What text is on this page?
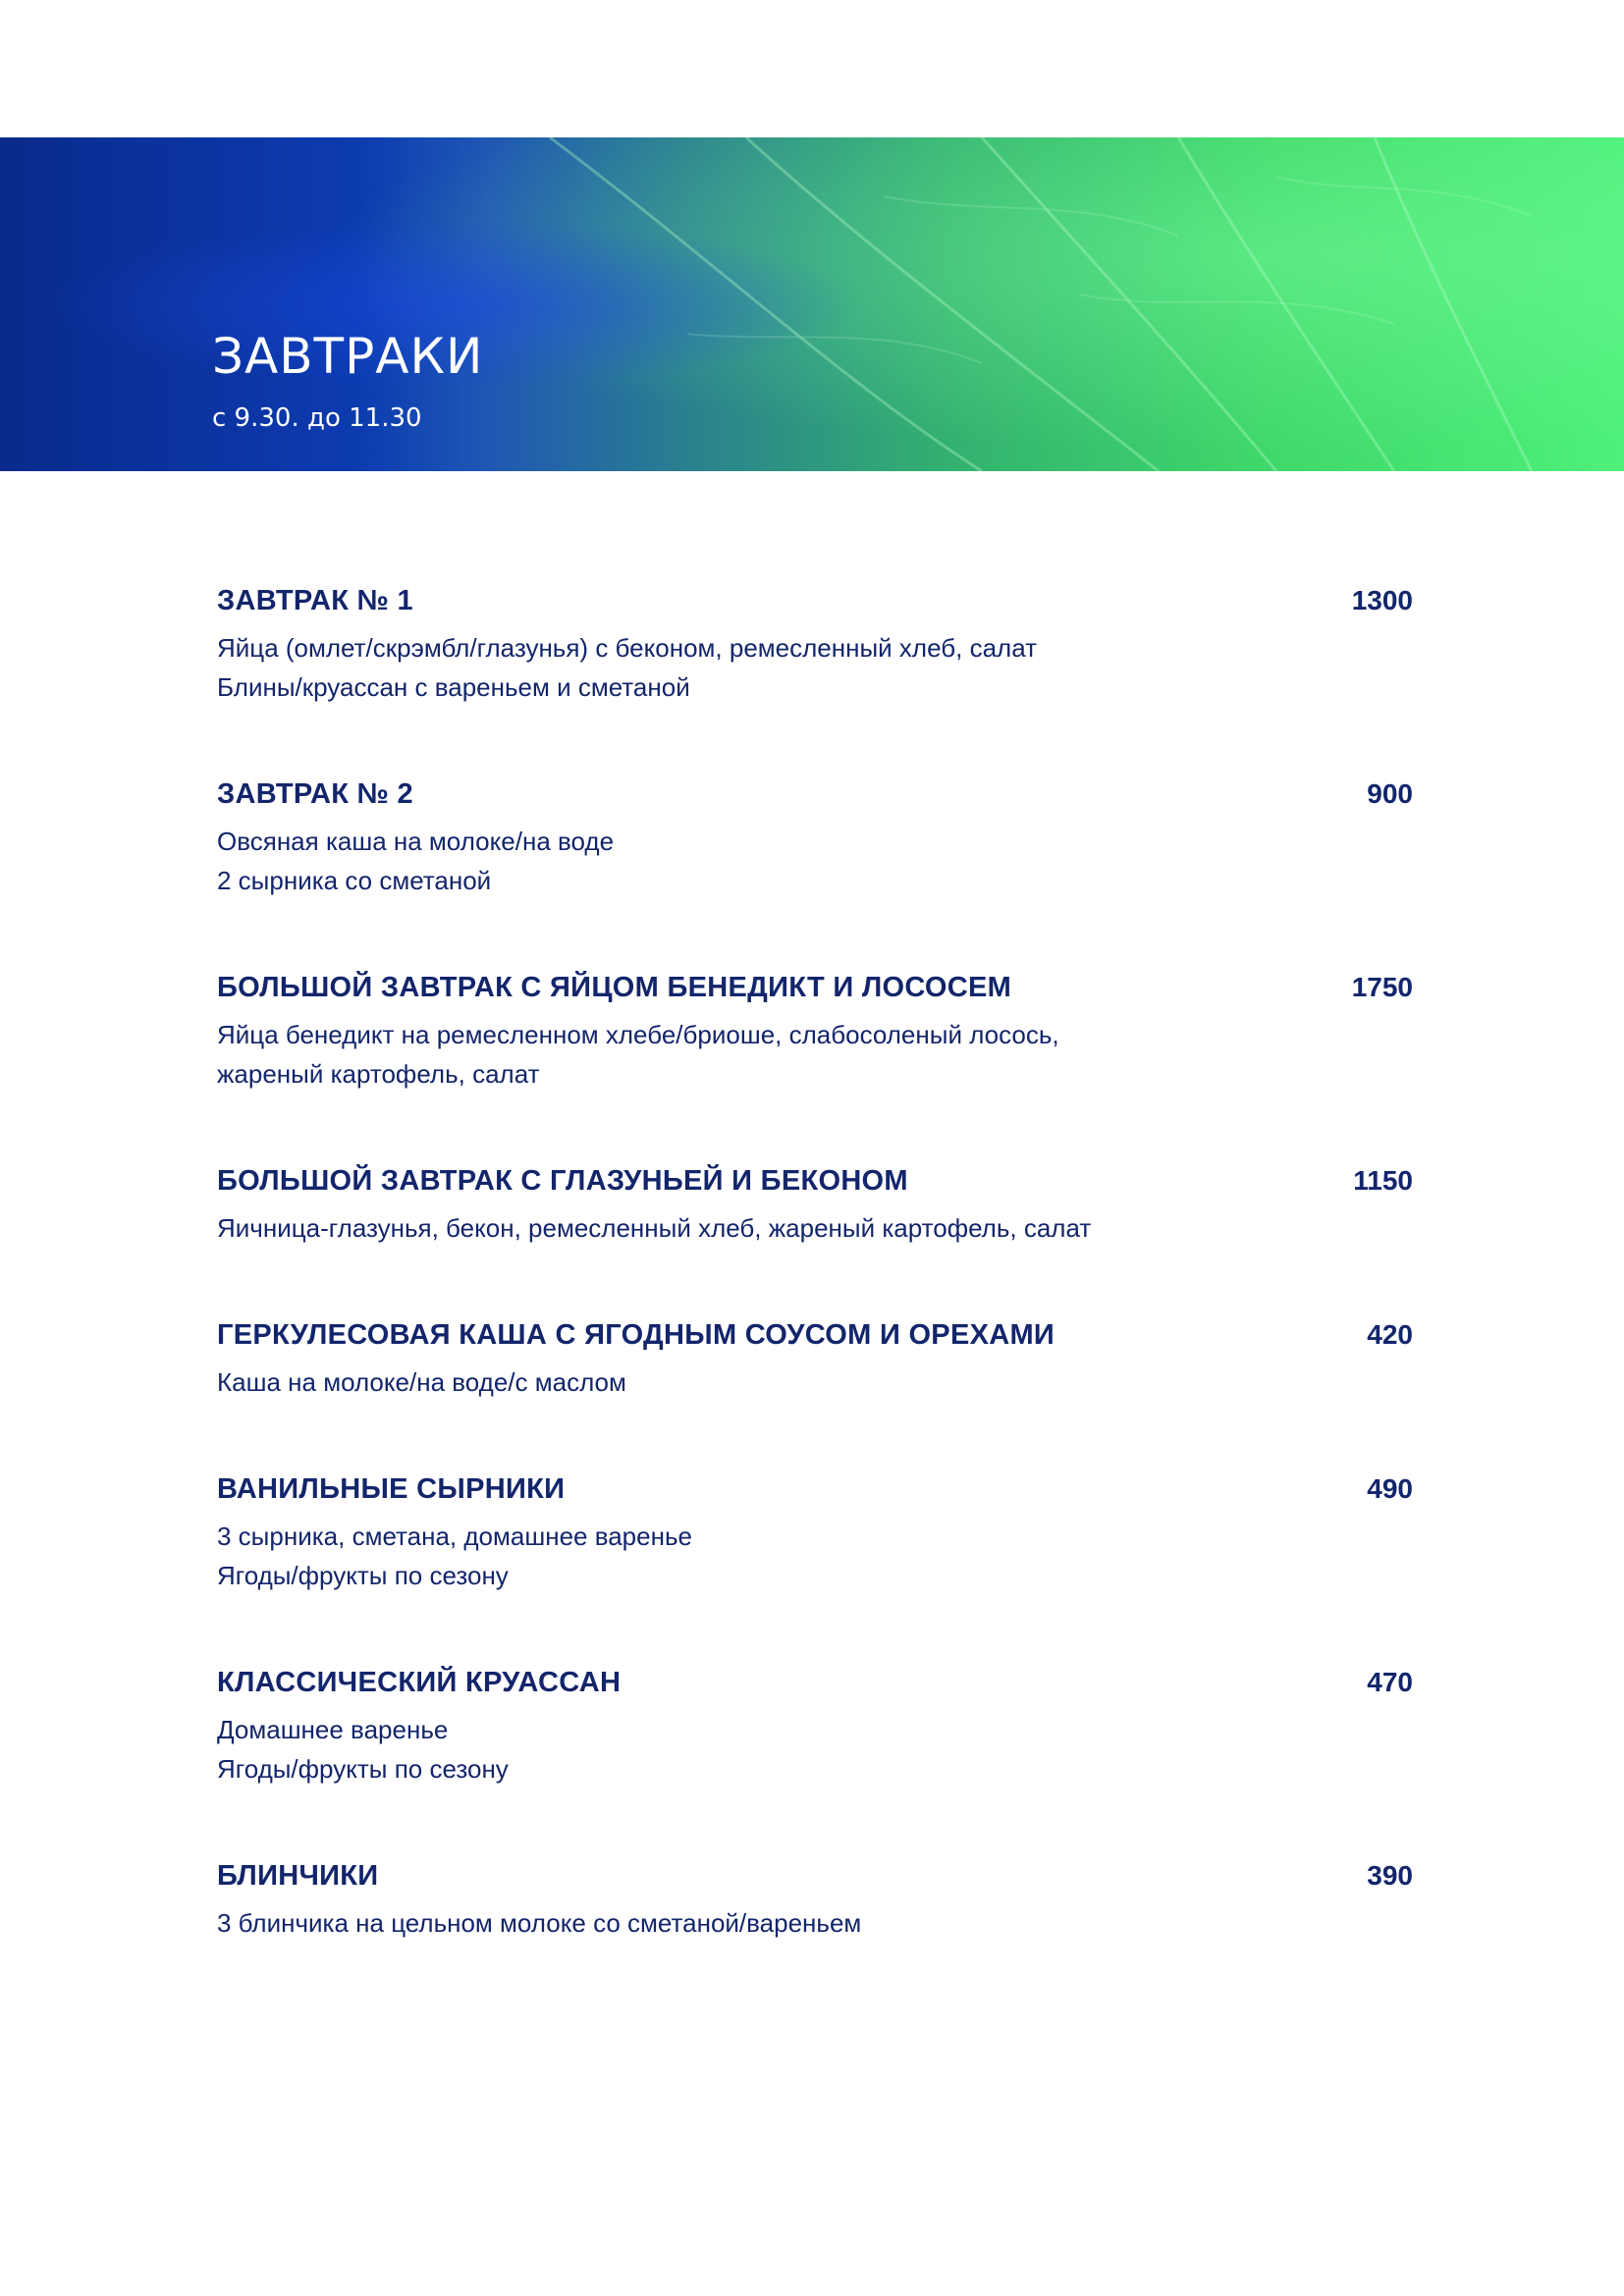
ЗАВТРАКИ

с 9.30. до 11.30

ЗАВТРАК № 1	1300
Яйца (омлет/скрэмбл/глазунья) с беконом, ремесленный хлеб, салат
Блины/круассан с вареньем и сметаной
ЗАВТРАК № 2	900
Овсяная каша на молоке/на воде
2 сырника со сметаной
БОЛЬШОЙ ЗАВТРАК С ЯЙЦОМ БЕНЕДИКТ И ЛОСОСЕМ	1750
Яйца бенедикт на ремесленном хлебе/бриоше, слабосоленый лосось,
жареный картофель, салат
БОЛЬШОЙ ЗАВТРАК С ГЛАЗУНЬЕЙ И БЕКОНОМ	1150
Яичница-глазунья, бекон, ремесленный хлеб, жареный картофель, салат
ГЕРКУЛЕСОВАЯ КАША С ЯГОДНЫМ СОУСОМ И ОРЕХАМИ	420
Каша на молоке/на воде/с маслом
ВАНИЛЬНЫЕ СЫРНИКИ	490
3 сырника, сметана, домашнее варенье
Ягоды/фрукты по сезону
КЛАССИЧЕСКИЙ КРУАССАН	470
Домашнее варенье
Ягоды/фрукты по сезону
БЛИНЧИКИ	390
3 блинчика на цельном молоке со сметаной/вареньем
